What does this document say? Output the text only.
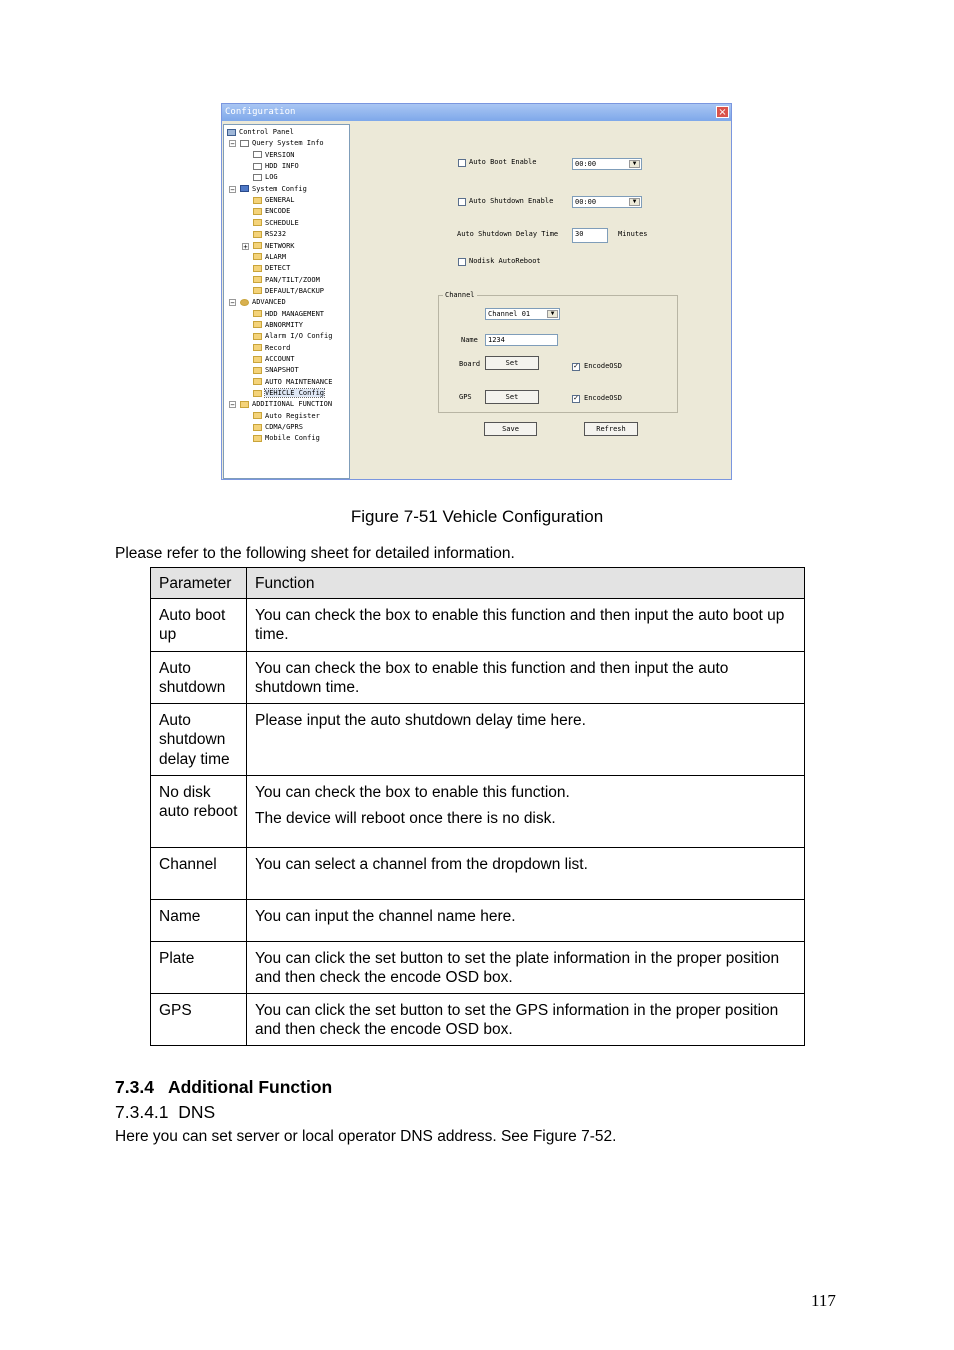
Configuration	×
Control Panel
−	Query System Info
VERSION
HDD INFO
LOG
−	System Config
GENERAL
ENCODE
SCHEDULE
RS232
+	NETWORK
ALARM
DETECT
PAN/TILT/ZOOM
DEFAULT/BACKUP
−	ADVANCED
HDD MANAGEMENT
ABNORMITY
Alarm I/O Config
Record
ACCOUNT
SNAPSHOT
AUTO MAINTENANCE
VEHICLE Config
−	ADDITIONAL FUNCTION
Auto Register
CDMA/GPRS
Mobile Config
Auto Boot Enable	00:00	▼
Auto Shutdown Enable	00:00	▼
Auto Shutdown Delay Time	30	Minutes
Nodisk AutoReboot
Channel
Channel 01	▼
Name	1234
Board	Set	✓ EncodeOSD
GPS	Set	✓ EncodeOSD
Save	Refresh
Figure 7-51 Vehicle Configuration
Please refer to the following sheet for detailed information.
Parameter	Function
Auto boot up	You can check the box to enable this function and then input the auto boot up time.

Auto shutdown	You can check the box to enable this function and then input the auto shutdown time.

Auto shutdown delay time	Please input the auto shutdown delay time here.

No disk auto reboot	You can check the box to enable this function.

The device will reboot once there is no disk.

Channel	You can select a channel from the dropdown list.

Name	You can input the channel name here.

Plate	You can click the set button to set the plate information in the proper position and then check the encode OSD box.

GPS	You can click the set button to set the GPS information in the proper position and then check the encode OSD box.

7.3.4 Additional Function
7.3.4.1  DNS
Here you can set server or local operator DNS address. See Figure 7-52.
117
